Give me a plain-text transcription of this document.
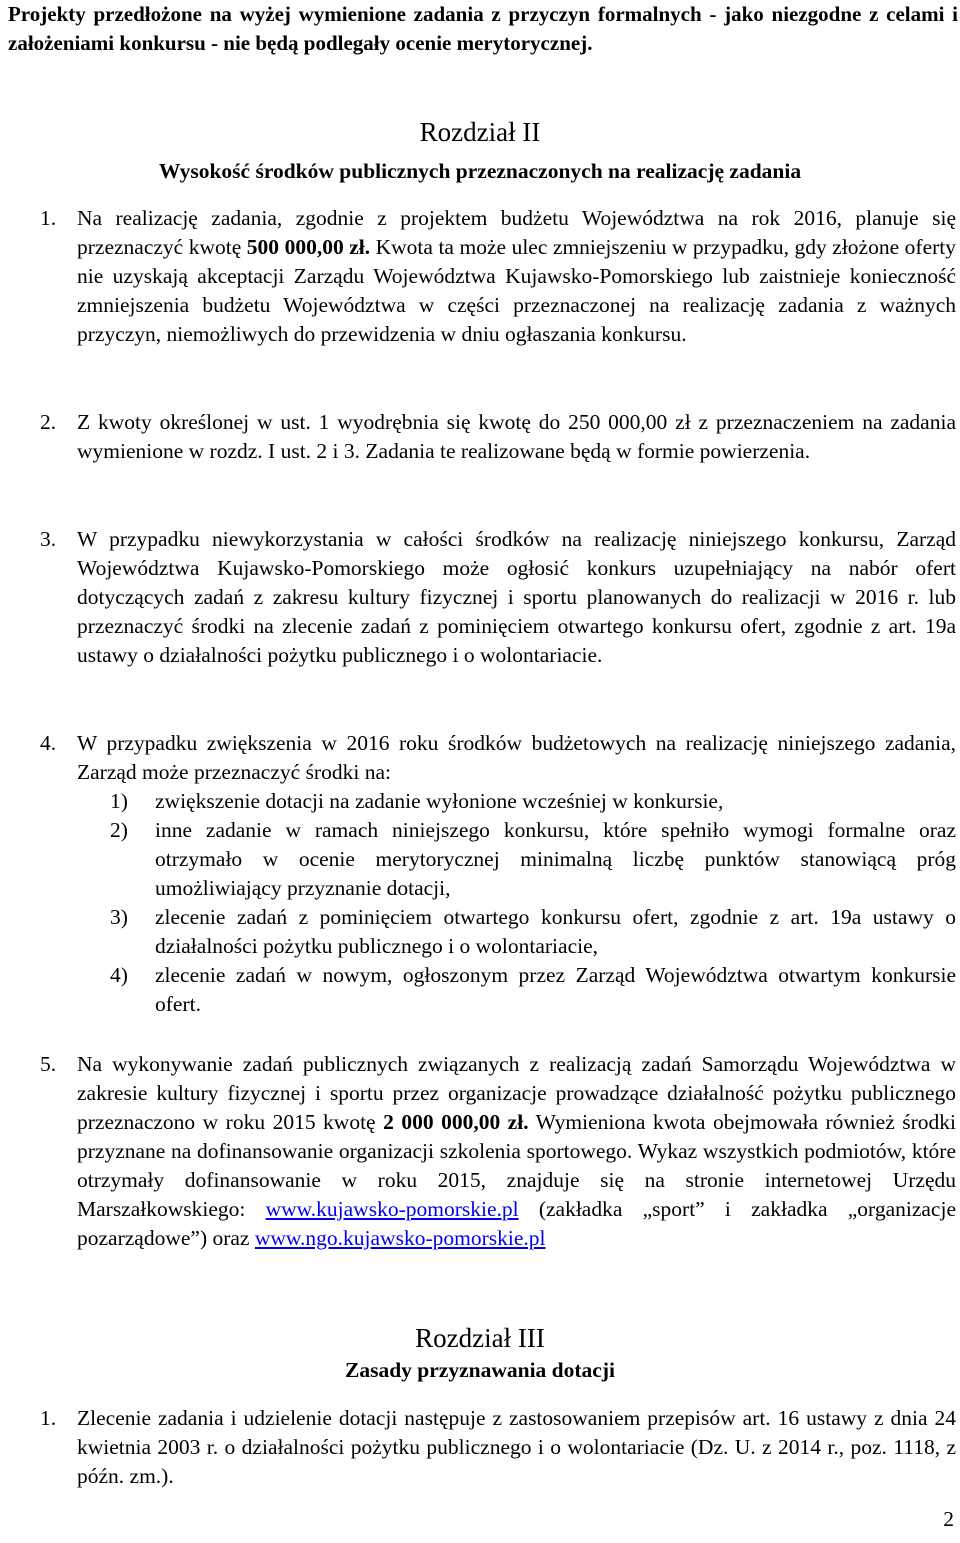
Projekty przedłożone na wyżej wymienione zadania z przyczyn formalnych - jako niezgodne z celami i założeniami konkursu - nie będą podlegały ocenie merytorycznej.
Rozdział II
Wysokość środków publicznych przeznaczonych na realizację zadania
1. Na realizację zadania, zgodnie z projektem budżetu Województwa na rok 2016, planuje się przeznaczyć kwotę 500 000,00 zł. Kwota ta może ulec zmniejszeniu w przypadku, gdy złożone oferty nie uzyskają akceptacji Zarządu Województwa Kujawsko-Pomorskiego lub zaistnieje konieczność zmniejszenia budżetu Województwa w części przeznaczonej na realizację zadania z ważnych przyczyn, niemożliwych do przewidzenia w dniu ogłaszania konkursu.
2. Z kwoty określonej w ust. 1 wyodrębnia się kwotę do 250 000,00 zł z przeznaczeniem na zadania wymienione w rozdz. I ust. 2 i 3. Zadania te realizowane będą w formie powierzenia.
3. W przypadku niewykorzystania w całości środków na realizację niniejszego konkursu, Zarząd Województwa Kujawsko-Pomorskiego może ogłosić konkurs uzupełniający na nabór ofert dotyczących zadań z zakresu kultury fizycznej i sportu planowanych do realizacji w 2016 r. lub przeznaczyć środki na zlecenie zadań z pominięciem otwartego konkursu ofert, zgodnie z art. 19a ustawy o działalności pożytku publicznego i o wolontariacie.
4. W przypadku zwiększenia w 2016 roku środków budżetowych na realizację niniejszego zadania, Zarząd może przeznaczyć środki na:
1) zwiększenie dotacji na zadanie wyłonione wcześniej w konkursie,
2) inne zadanie w ramach niniejszego konkursu, które spełniło wymogi formalne oraz otrzymało w ocenie merytorycznej minimalną liczbę punktów stanowiącą próg umożliwiający przyznanie dotacji,
3) zlecenie zadań z pominięciem otwartego konkursu ofert, zgodnie z art. 19a ustawy o działalności pożytku publicznego i o wolontariacie,
4) zlecenie zadań w nowym, ogłoszonym przez Zarząd Województwa otwartym konkursie ofert.
5. Na wykonywanie zadań publicznych związanych z realizacją zadań Samorządu Województwa w zakresie kultury fizycznej i sportu przez organizacje prowadzące działalność pożytku publicznego przeznaczono w roku 2015 kwotę 2 000 000,00 zł. Wymieniona kwota obejmowała również środki przyznane na dofinansowanie organizacji szkolenia sportowego. Wykaz wszystkich podmiotów, które otrzymały dofinansowanie w roku 2015, znajduje się na stronie internetowej Urzędu Marszałkowskiego: www.kujawsko-pomorskie.pl (zakładka „sport” i zakładka „organizacje pozarządowe”) oraz www.ngo.kujawsko-pomorskie.pl
Rozdział III
Zasady przyznawania dotacji
1. Zlecenie zadania i udzielenie dotacji następuje z zastosowaniem przepisów art. 16 ustawy z dnia 24 kwietnia 2003 r. o działalności pożytku publicznego i o wolontariacie (Dz. U. z 2014 r., poz. 1118, z późn. zm.).
2
